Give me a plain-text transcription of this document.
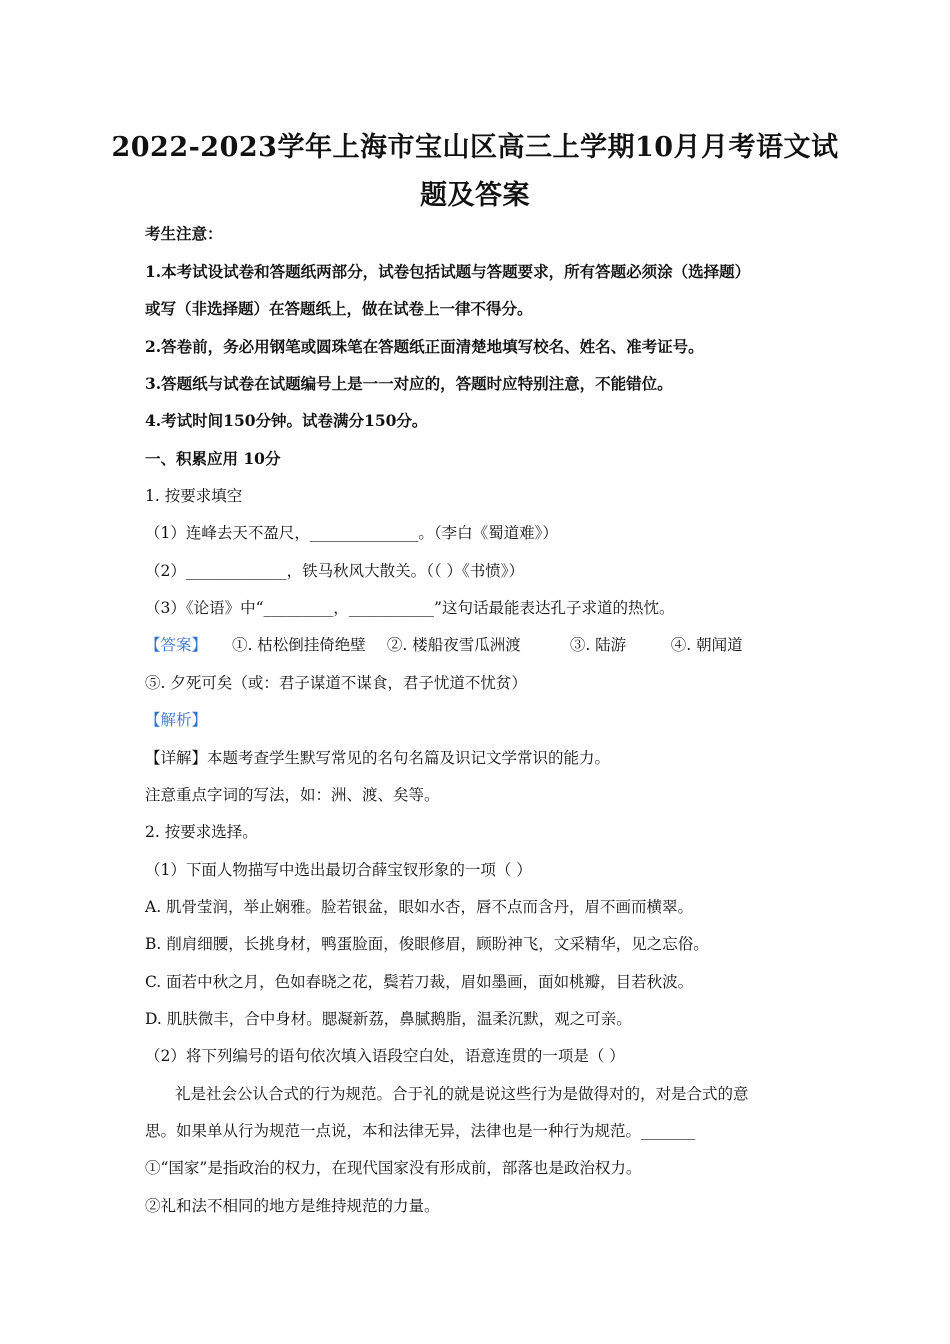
2022-2023学年上海市宝山区高三上学期10月月考语文试
题及答案
考生注意：
1.本考试设试卷和答题纸两部分，试卷包括试题与答题要求，所有答题必须涂（选择题）
或写（非选择题）在答题纸上，做在试卷上一律不得分。
2.答卷前，务必用钢笔或圆珠笔在答题纸正面清楚地填写校名、姓名、准考证号。
3.答题纸与试卷在试题编号上是一一对应的，答题时应特别注意，不能错位。
4.考试时间150分钟。试卷满分150分。
一、积累应用 10分
1. 按要求填空
（1）连峰去天不盈尺，______________。（李白《蜀道难》）
（2）_____________，铁马秋风大散关。（（ ）《书愤》）
（3）《论语》中“_________，___________”这句话最能表达孔子求道的热忱。
【答案】 ①. 枯松倒挂倚绝壁 ②. 楼船夜雪瓜洲渡	③. 陆游	④. 朝闻道
⑤. 夕死可矣（或：君子谋道不谋食，君子忧道不忧贫）
【解析】
【详解】本题考查学生默写常见的名句名篇及识记文学常识的能力。
注意重点字词的写法，如：洲、渡、矣等。
2. 按要求选择。
（1）下面人物描写中选出最切合薛宝钗形象的一项（ ）
A. 肌骨莹润，举止娴雅。脸若银盆，眼如水杏，唇不点而含丹，眉不画而横翠。
B. 削肩细腰，长挑身材，鸭蛋脸面，俊眼修眉，顾盼神飞，文采精华，见之忘俗。
C. 面若中秋之月，色如春晓之花，鬓若刀裁，眉如墨画，面如桃瓣，目若秋波。
D. 肌肤微丰，合中身材。腮凝新荔，鼻腻鹅脂，温柔沉默，观之可亲。
（2）将下列编号的语句依次填入语段空白处，语意连贯的一项是（ ）
礼是社会公认合式的行为规范。合于礼的就是说这些行为是做得对的，对是合式的意
思。如果单从行为规范一点说，本和法律无异，法律也是一种行为规范。_______
①“国家”是指政治的权力，在现代国家没有形成前，部落也是政治权力。
②礼和法不相同的地方是维持规范的力量。
